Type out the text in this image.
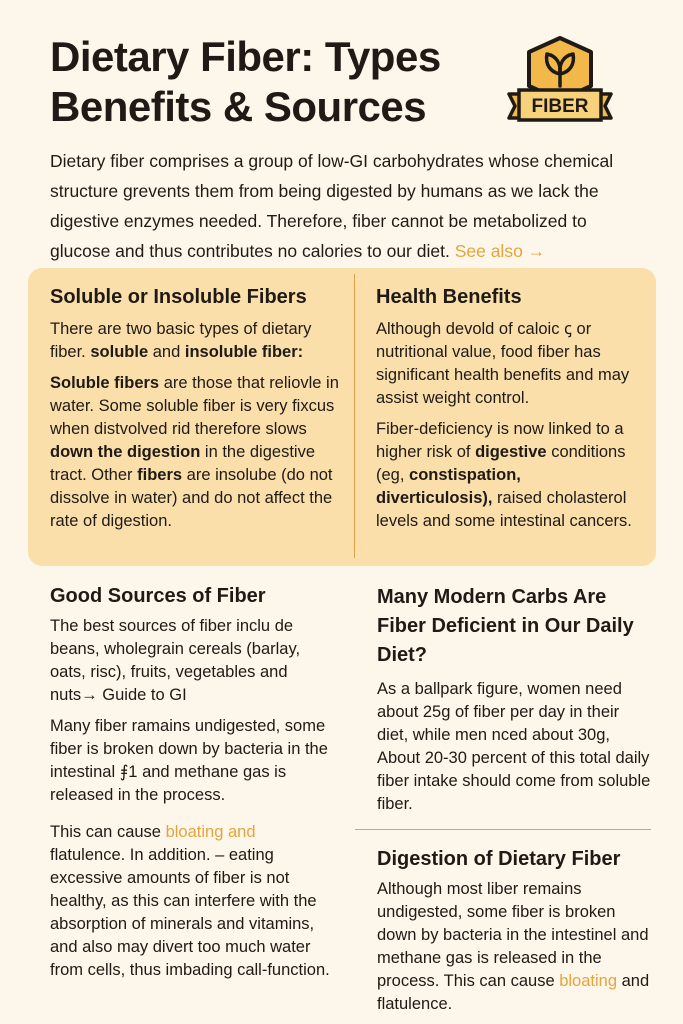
Dietary Fiber: Types Benefits & Sources	FIBER

Dietary fiber comprises a group of low-GI carbohydrates whose chemical structure grevents them from being digested by humans as we lack the digestive enzymes needed. Therefore, fiber cannot be metabolized to glucose and thus contributes no calories to our diet. See also →

Soluble or Insoluble Fibers

There are two basic types of dietary fiber. soluble and insoluble fiber:

Soluble fibers are those that reliovle in water. Some soluble fiber is very fixcus when distvolved rid therefore slows down the digestion in the digestive tract. Other fibers are insolube (do not dissolve in water) and do not affect the rate of digestion.

Health Benefits

Although devold of caloic ꞔ or nutritional value, food fiber has significant health benefits and may assist weight control.

Fiber-deficiency is now linked to a higher risk of digestive conditions (eg, constispation, diverticulosis), raised cholasterol levels and some intestinal cancers.

Good Sources of Fiber

The best sources of fiber inclu de beans, wholegrain cereals (barlay, oats, risc), fruits, vegetables and nuts→ Guide to GI

Many fiber ramains undigested, some fiber is broken down by bacteria in the intestinal ⨎1 and methane gas is released in the process.

This can cause bloating and flatulence. In addition. – eating excessive amounts of fiber is not healthy, as this can interfere with the absorption of minerals and vitamins, and also may divert too much water from cells, thus imbading call-function.

Many Modern Carbs Are Fiber Deficient in Our Daily Diet?

As a ballpark figure, women need about 25g of fiber per day in their diet, while men nced about 30g, About 20-30 percent of this total daily fiber intake should come from soluble fiber.

Digestion of Dietary Fiber

Although most liber remains undigested, some fiber is broken down by bacteria in the intestinel and methane gas is released in the process. This can cause bloating and flatulence.
